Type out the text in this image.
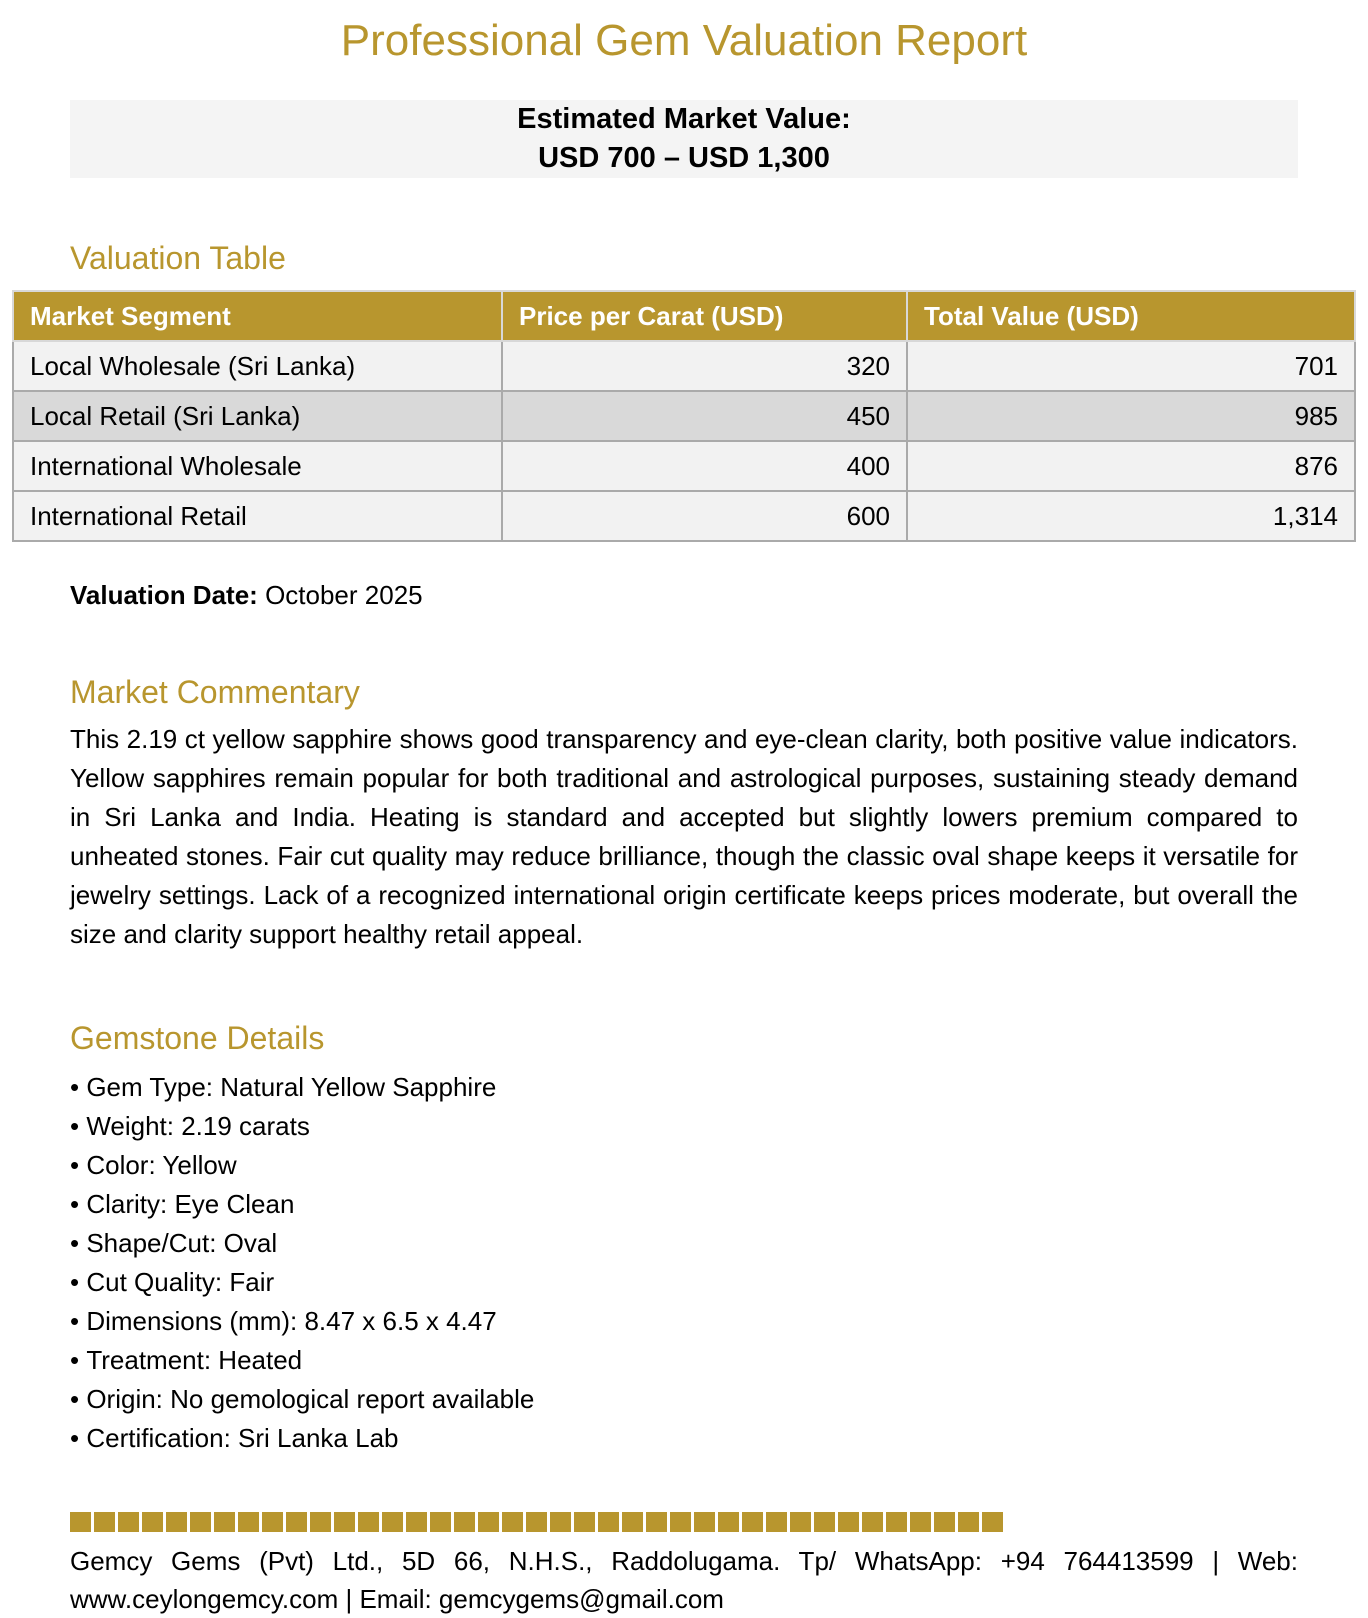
Professional Gem Valuation Report
Estimated Market Value:
USD 700 – USD 1,300
Valuation Table
Market Segment	Price per Carat (USD)	Total Value (USD)
Local Wholesale (Sri Lanka)	320	701
Local Retail (Sri Lanka)	450	985
International Wholesale	400	876
International Retail	600	1,314
Valuation Date: October 2025
Market Commentary

This 2.19 ct yellow sapphire shows good transparency and eye-clean clarity, both positive value indicators. Yellow sapphires remain popular for both traditional and astrological purposes, sustaining steady demand in Sri Lanka and India. Heating is standard and accepted but slightly lowers premium compared to unheated stones. Fair cut quality may reduce brilliance, though the classic oval shape keeps it versatile for jewelry settings. Lack of a recognized international origin certificate keeps prices moderate, but overall the size and clarity support healthy retail appeal.

Gemstone Details
• Gem Type: Natural Yellow Sapphire
• Weight: 2.19 carats
• Color: Yellow
• Clarity: Eye Clean
• Shape/Cut: Oval
• Cut Quality: Fair
• Dimensions (mm): 8.47 x 6.5 x 4.47
• Treatment: Heated
• Origin: No gemological report available
• Certification: Sri Lanka Lab

Gemcy Gems (Pvt) Ltd., 5D 66, N.H.S., Raddolugama. Tp/ WhatsApp: +94 764413599 | Web: www.ceylongemcy.com | Email: gemcygems@gmail.com
